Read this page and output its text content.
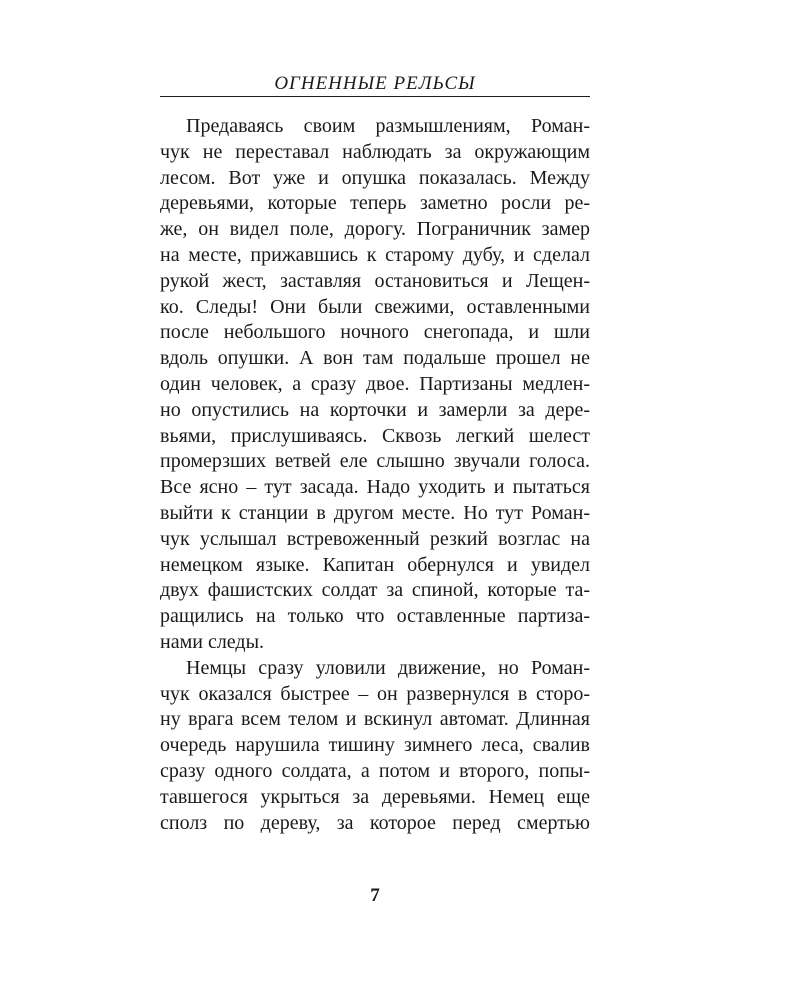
ОГНЕННЫЕ РЕЛЬСЫ
Предаваясь своим размышлениям, Роман-
чук не переставал наблюдать за окружающим
лесом. Вот уже и опушка показалась. Между
деревьями, которые теперь заметно росли ре-
же, он видел поле, дорогу. Пограничник замер
на месте, прижавшись к старому дубу, и сделал
рукой жест, заставляя остановиться и Лещен-
ко. Следы! Они были свежими, оставленными
после небольшого ночного снегопада, и шли
вдоль опушки. А вон там подальше прошел не
один человек, а сразу двое. Партизаны медлен-
но опустились на корточки и замерли за дере-
вьями, прислушиваясь. Сквозь легкий шелест
промерзших ветвей еле слышно звучали голоса.
Все ясно – тут засада. Надо уходить и пытаться
выйти к станции в другом месте. Но тут Роман-
чук услышал встревоженный резкий возглас на
немецком языке. Капитан обернулся и увидел
двух фашистских солдат за спиной, которые та-
ращились на только что оставленные партиза-
нами следы.
Немцы сразу уловили движение, но Роман-
чук оказался быстрее – он развернулся в сторо-
ну врага всем телом и вскинул автомат. Длинная
очередь нарушила тишину зимнего леса, свалив
сразу одного солдата, а потом и второго, попы-
тавшегося укрыться за деревьями. Немец еще
сполз по дереву, за которое перед смертью
7
